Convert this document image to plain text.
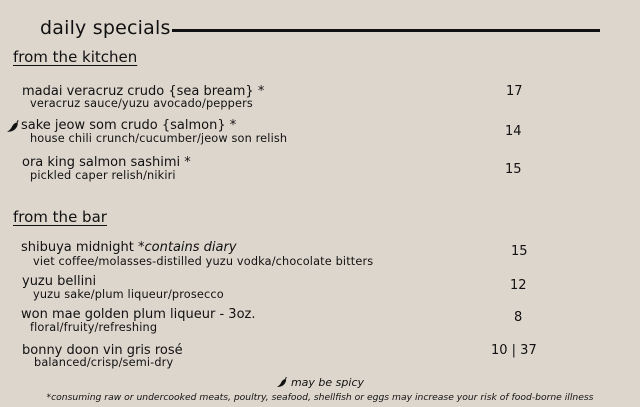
daily specials
from the kitchen
madai veracruz crudo {sea bream} *
veracruz sauce/yuzu avocado/peppers
17
sake jeow som crudo {salmon} *
house chili crunch/cucumber/jeow son relish	14
ora king salmon sashimi *
pickled caper relish/nikiri	15
from the bar
shibuya midnight *contains diary
viet coffee/molasses-distilled yuzu vodka/chocolate bitters
15
yuzu bellini
yuzu sake/plum liqueur/prosecco
12
won mae golden plum liqueur - 3oz.
floral/fruity/refreshing
8
bonny doon vin gris rosé
balanced/crisp/semi-dry
10 | 37
may be spicy
*consuming raw or undercooked meats, poultry, seafood, shellfish or eggs may increase your risk of food-borne illness
